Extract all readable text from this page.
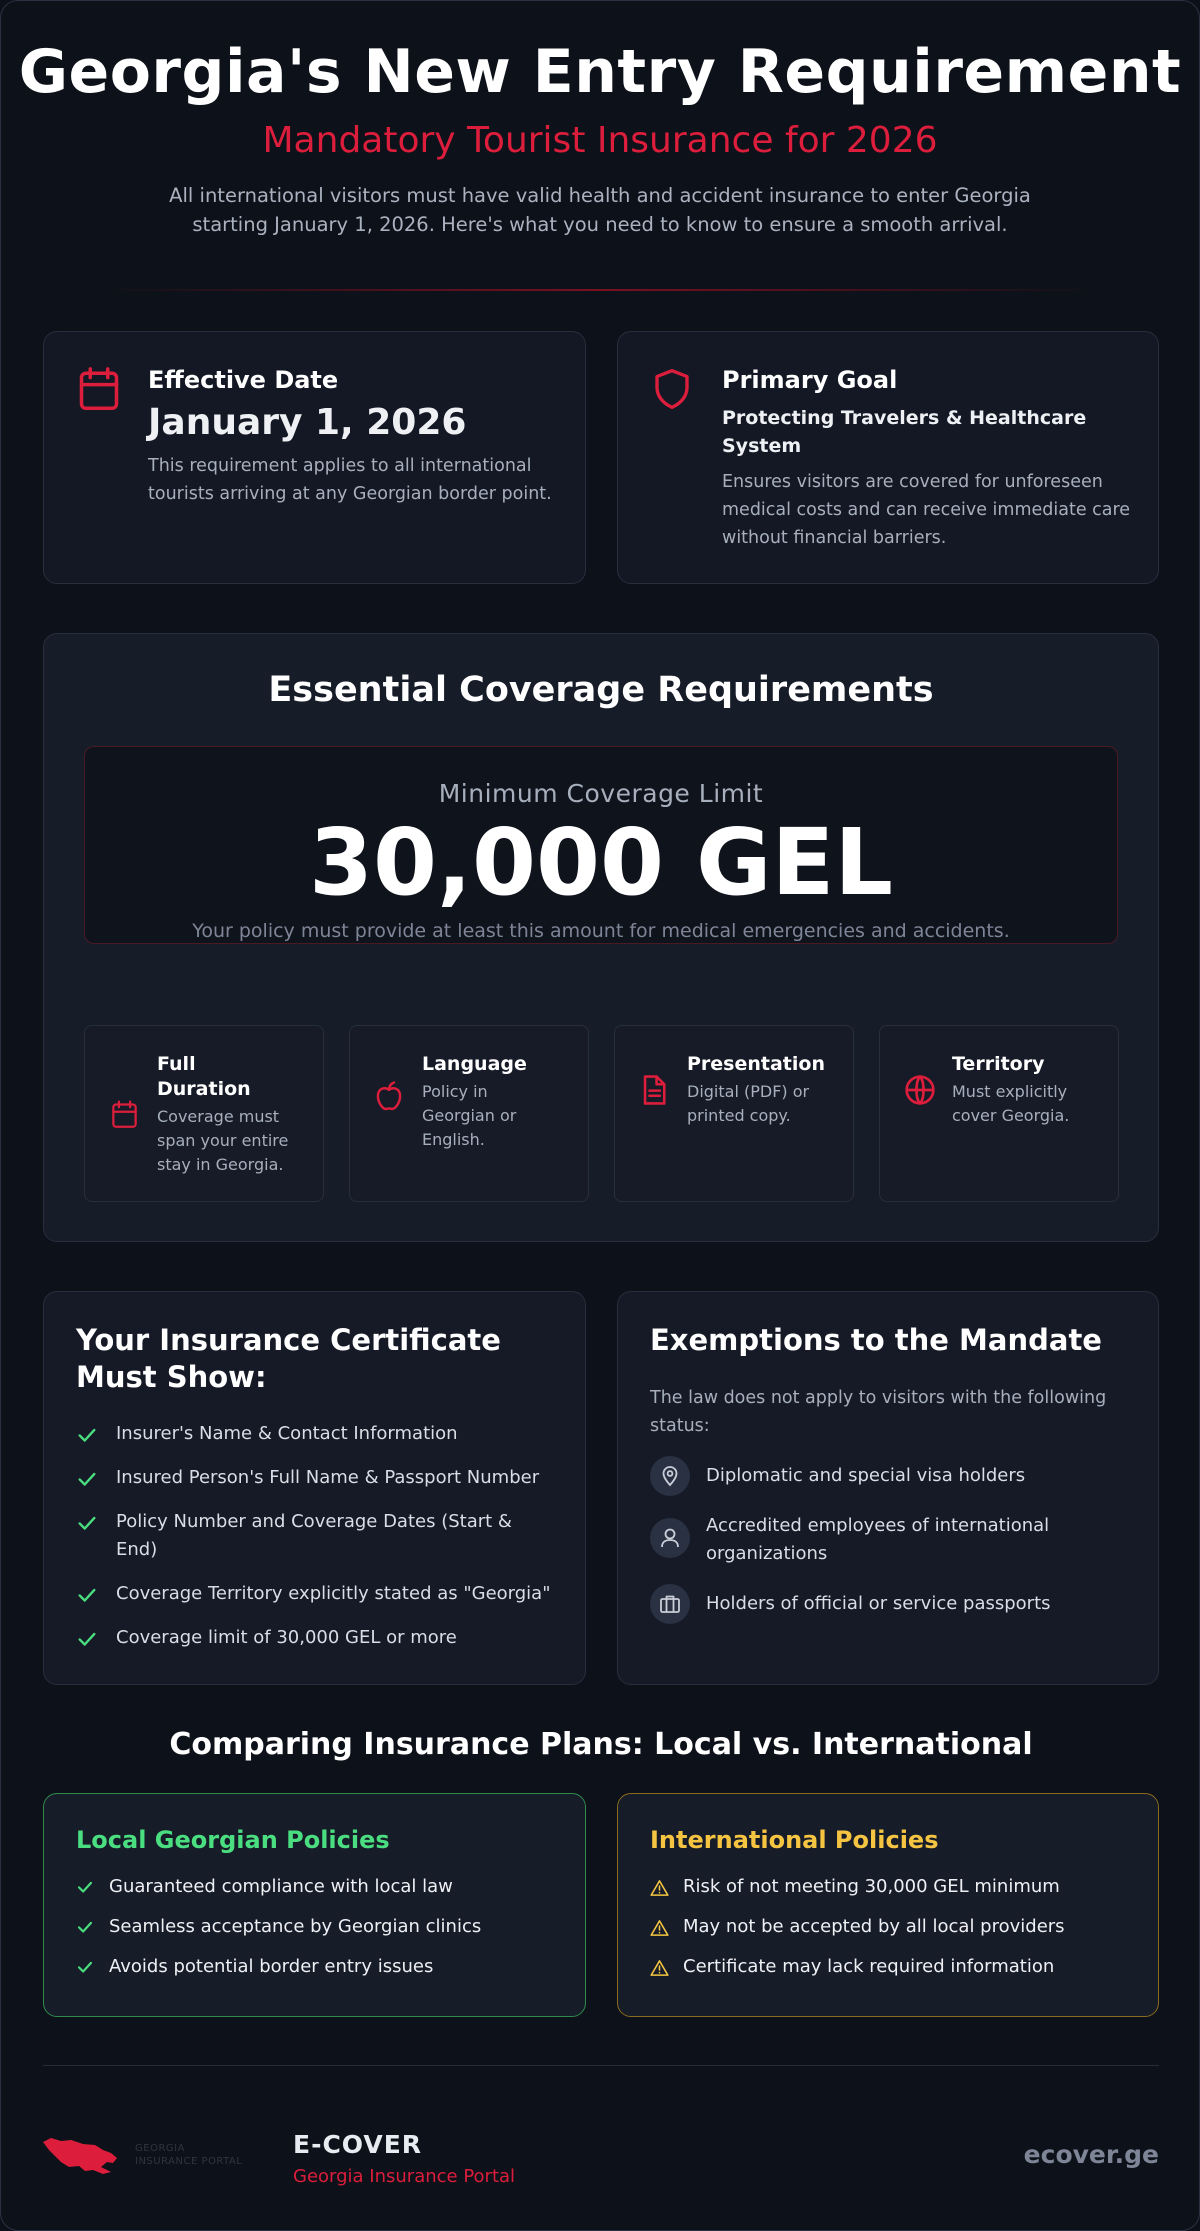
Georgia's New Entry Requirement
Mandatory Tourist Insurance for 2026
All international visitors must have valid health and accident insurance to enter Georgia starting January 1, 2026. Here's what you need to know to ensure a smooth arrival.
Effective Date
January 1, 2026
This requirement applies to all international tourists arriving at any Georgian border point.
Primary Goal
Protecting Travelers & Healthcare System
Ensures visitors are covered for unforeseen medical costs and can receive immediate care without financial barriers.
Essential Coverage Requirements
Minimum Coverage Limit
30,000 GEL
Your policy must provide at least this amount for medical emergencies and accidents.
Full Duration
Coverage must span your entire stay in Georgia.
Language
Policy in Georgian or English.
Presentation
Digital (PDF) or printed copy.
Territory
Must explicitly cover Georgia.
Your Insurance Certificate Must Show:
Insurer's Name & Contact Information
Insured Person's Full Name & Passport Number
Policy Number and Coverage Dates (Start & End)
Coverage Territory explicitly stated as "Georgia"
Coverage limit of 30,000 GEL or more
Exemptions to the Mandate
The law does not apply to visitors with the following status:
Diplomatic and special visa holders
Accredited employees of international organizations
Holders of official or service passports
Comparing Insurance Plans: Local vs. International
Local Georgian Policies
Guaranteed compliance with local law
Seamless acceptance by Georgian clinics
Avoids potential border entry issues
International Policies
Risk of not meeting 30,000 GEL minimum
May not be accepted by all local providers
Certificate may lack required information
GEORGIA
INSURANCE PORTAL
E-COVER
Georgia Insurance Portal
ecover.ge
